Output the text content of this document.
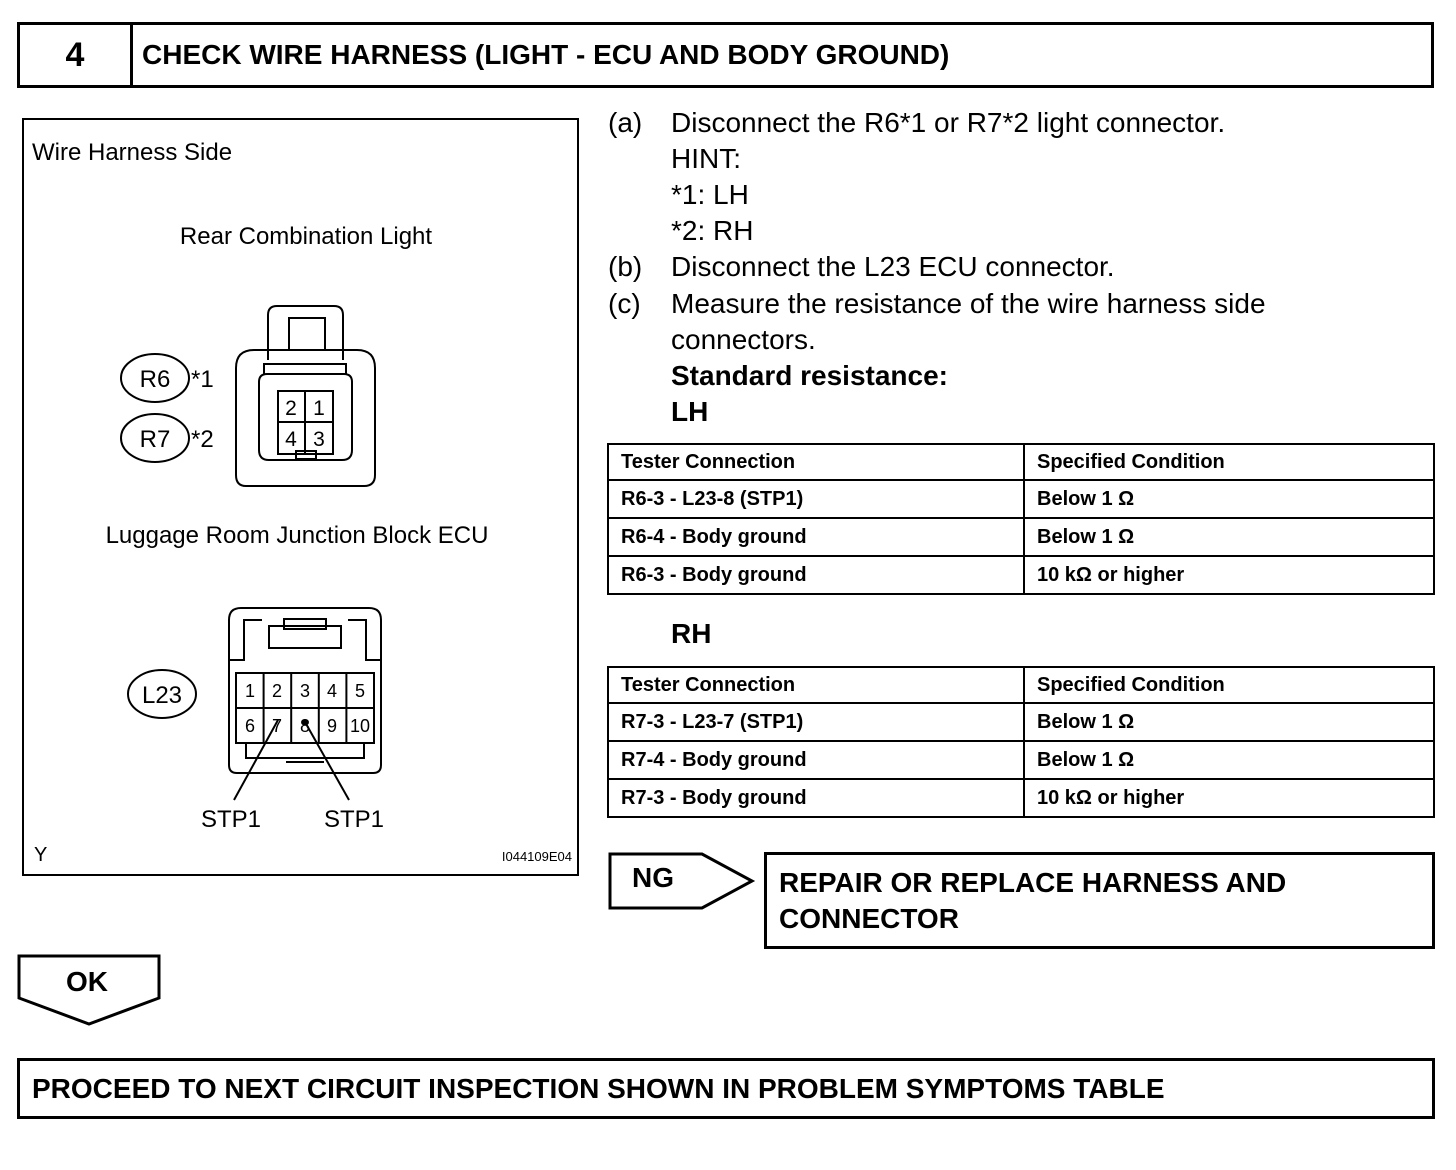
4	CHECK WIRE HARNESS (LIGHT - ECU AND BODY GROUND)
Wire Harness Side
Rear Combination Light
R6 *1
R7 *2
2 1
4 3
Luggage Room Junction Block ECU
L23	1 2 3 4 5
6 7 8 9 10
STP1	STP1
Y	I044109E04
(a) Disconnect the R6*1 or R7*2 light connector.
HINT:
*1: LH
*2: RH
(b) Disconnect the L23 ECU connector.
(c) Measure the resistance of the wire harness side
connectors.
Standard resistance:
LH
Tester Connection	Specified Condition
R6-3 - L23-8 (STP1)	Below 1 Ω
R6-4 - Body ground	Below 1 Ω
R6-3 - Body ground	10 kΩ or higher
RH
Tester Connection	Specified Condition
R7-3 - L23-7 (STP1)	Below 1 Ω
R7-4 - Body ground	Below 1 Ω
R7-3 - Body ground	10 kΩ or higher
NG	REPAIR OR REPLACE HARNESS AND
CONNECTOR
OK
PROCEED TO NEXT CIRCUIT INSPECTION SHOWN IN PROBLEM SYMPTOMS TABLE
